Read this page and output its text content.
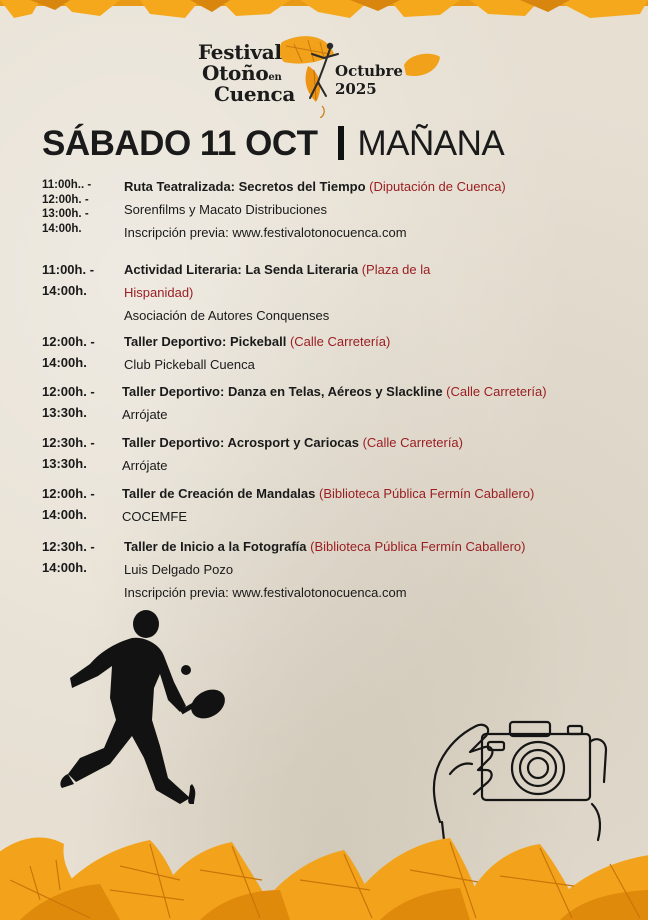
Festival
Otoñoen
Cuenca
Octubre 2025
SÁBADO 11 OCT MAÑANA
11:00h.. -
12:00h. -
13:00h. -
14:00h.
Ruta Teatralizada: Secretos del Tiempo (Diputación de Cuenca)
Sorenfilms y Macato Distribuciones
Inscripción previa: www.festivalotonocuenca.com
11:00h. -
14:00h.
Actividad Literaria: La Senda Literaria (Plaza de la
Hispanidad)
Asociación de Autores Conquenses
12:00h. -
14:00h.
Taller Deportivo: Pickeball (Calle Carretería)
Club Pickeball Cuenca
12:00h. -
13:30h.
Taller Deportivo: Danza en Telas, Aéreos y Slackline (Calle Carretería)
Arrójate
12:30h. -
13:30h.
Taller Deportivo: Acrosport y Cariocas (Calle Carretería)
Arrójate
12:00h. -
14:00h.
Taller de Creación de Mandalas (Biblioteca Pública Fermín Caballero)
COCEMFE
12:30h. -
14:00h.
Taller de Inicio a la Fotografía (Biblioteca Pública Fermín Caballero)
Luis Delgado Pozo
Inscripción previa: www.festivalotonocuenca.com
